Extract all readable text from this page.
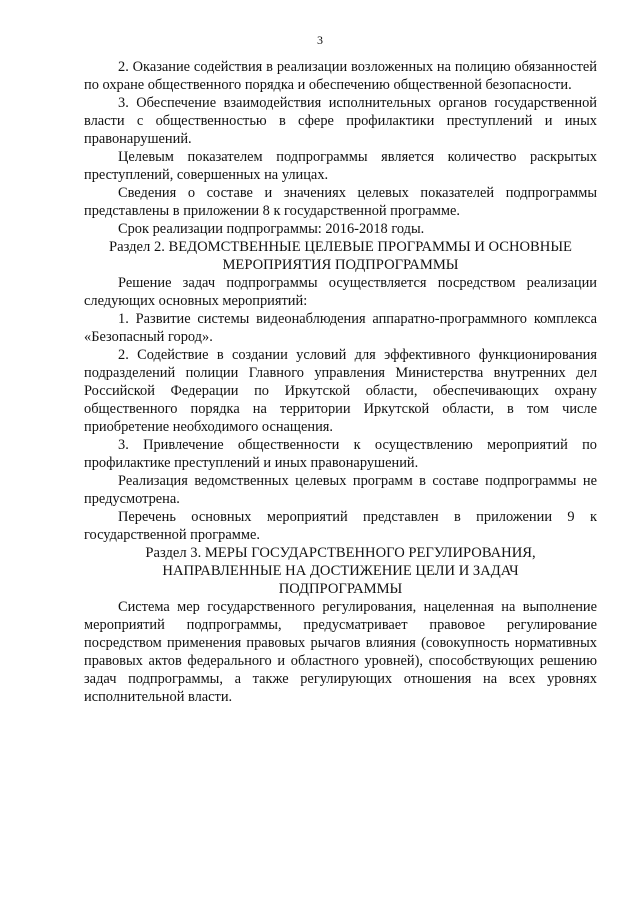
3

2. Оказание содействия в реализации возложенных на полицию обязанностей по охране общественного порядка и обеспечению общественной безопасности.

3. Обеспечение взаимодействия исполнительных органов государственной власти с общественностью в сфере профилактики преступлений и иных правонарушений.

Целевым показателем подпрограммы является количество раскрытых преступлений, совершенных на улицах.

Сведения о составе и значениях целевых показателей подпрограммы представлены в приложении 8 к государственной программе.

Срок реализации подпрограммы: 2016-2018 годы.

Раздел 2. ВЕДОМСТВЕННЫЕ ЦЕЛЕВЫЕ ПРОГРАММЫ И ОСНОВНЫЕ
МЕРОПРИЯТИЯ ПОДПРОГРАММЫ

Решение задач подпрограммы осуществляется посредством реализации следующих основных мероприятий:

1. Развитие системы видеонаблюдения аппаратно-программного комплекса «Безопасный город».

2. Содействие в создании условий для эффективного функционирования подразделений полиции Главного управления Министерства внутренних дел Российской Федерации по Иркутской области, обеспечивающих охрану общественного порядка на территории Иркутской области, в том числе приобретение необходимого оснащения.

3. Привлечение общественности к осуществлению мероприятий по профилактике преступлений и иных правонарушений.

Реализация ведомственных целевых программ в составе подпрограммы не предусмотрена.

Перечень основных мероприятий представлен в приложении 9 к государственной программе.

Раздел 3. МЕРЫ ГОСУДАРСТВЕННОГО РЕГУЛИРОВАНИЯ,
НАПРАВЛЕННЫЕ НА ДОСТИЖЕНИЕ ЦЕЛИ И ЗАДАЧ
ПОДПРОГРАММЫ

Система мер государственного регулирования, нацеленная на выполнение мероприятий подпрограммы, предусматривает правовое регулирование посредством применения правовых рычагов влияния (совокупность нормативных правовых актов федерального и областного уровней), способствующих решению задач подпрограммы, а также регулирующих отношения на всех уровнях исполнительной власти.
